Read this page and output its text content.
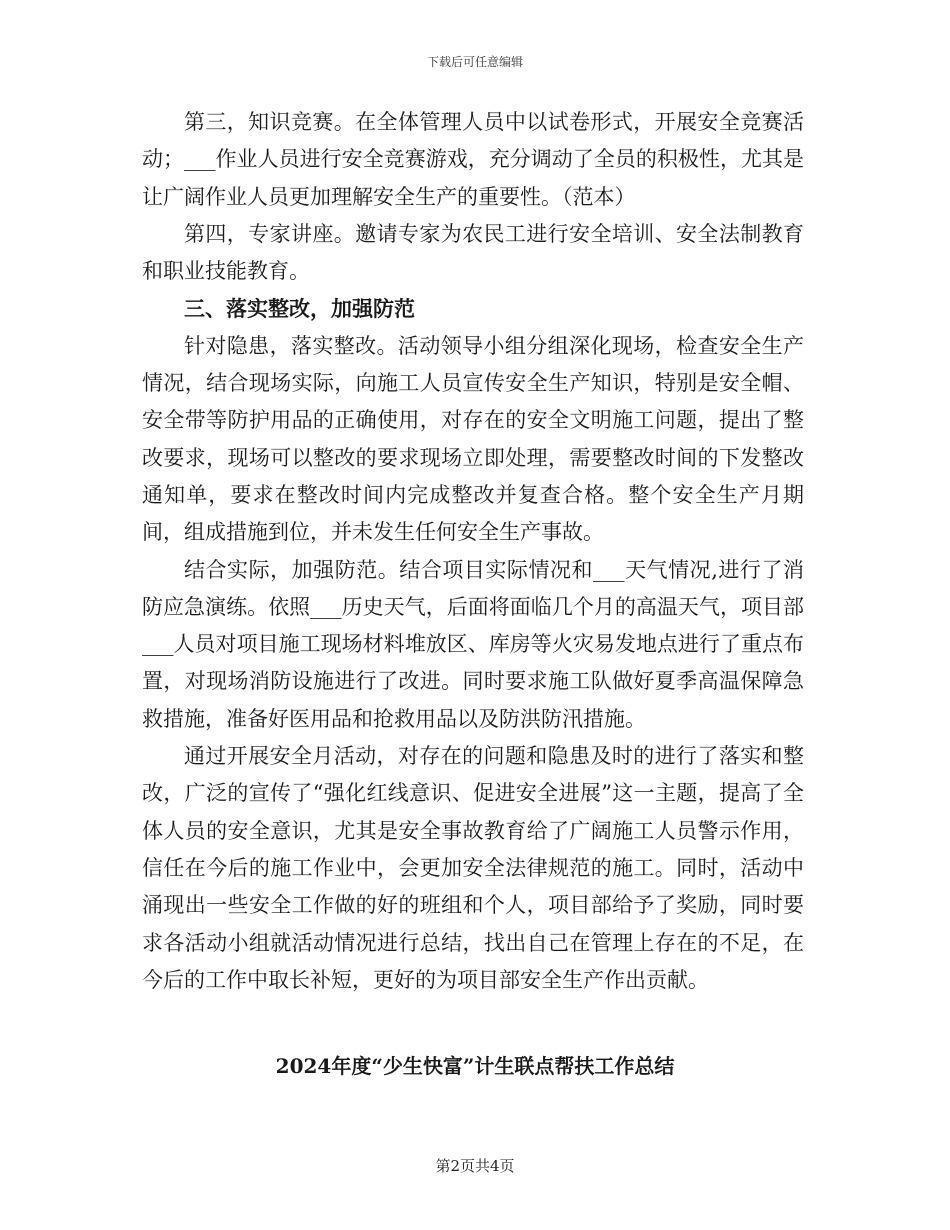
下载后可任意编辑

第三，知识竞赛。在全体管理人员中以试卷形式，开展安全竞赛活动；___作业人员进行安全竞赛游戏，充分调动了全员的积极性，尤其是让广阔作业人员更加理解安全生产的重要性。（范本）

第四，专家讲座。邀请专家为农民工进行安全培训、安全法制教育和职业技能教育。

三、落实整改，加强防范

针对隐患，落实整改。活动领导小组分组深化现场，检查安全生产情况，结合现场实际，向施工人员宣传安全生产知识，特别是安全帽、安全带等防护用品的正确使用，对存在的安全文明施工问题，提出了整改要求，现场可以整改的要求现场立即处理，需要整改时间的下发整改通知单，要求在整改时间内完成整改并复查合格。整个安全生产月期间，组成措施到位，并未发生任何安全生产事故。

结合实际，加强防范。结合项目实际情况和___天气情况,进行了消防应急演练。依照___历史天气，后面将面临几个月的高温天气，项目部___人员对项目施工现场材料堆放区、库房等火灾易发地点进行了重点布置，对现场消防设施进行了改进。同时要求施工队做好夏季高温保障急救措施，准备好医用品和抢救用品以及防洪防汛措施。

通过开展安全月活动，对存在的问题和隐患及时的进行了落实和整改，广泛的宣传了“强化红线意识、促进安全进展”这一主题，提高了全体人员的安全意识，尤其是安全事故教育给了广阔施工人员警示作用，信任在今后的施工作业中，会更加安全法律规范的施工。同时，活动中涌现出一些安全工作做的好的班组和个人，项目部给予了奖励，同时要求各活动小组就活动情况进行总结，找出自己在管理上存在的不足，在今后的工作中取长补短，更好的为项目部安全生产作出贡献。

2024年度“少生快富”计生联点帮扶工作总结
第2页共4页
